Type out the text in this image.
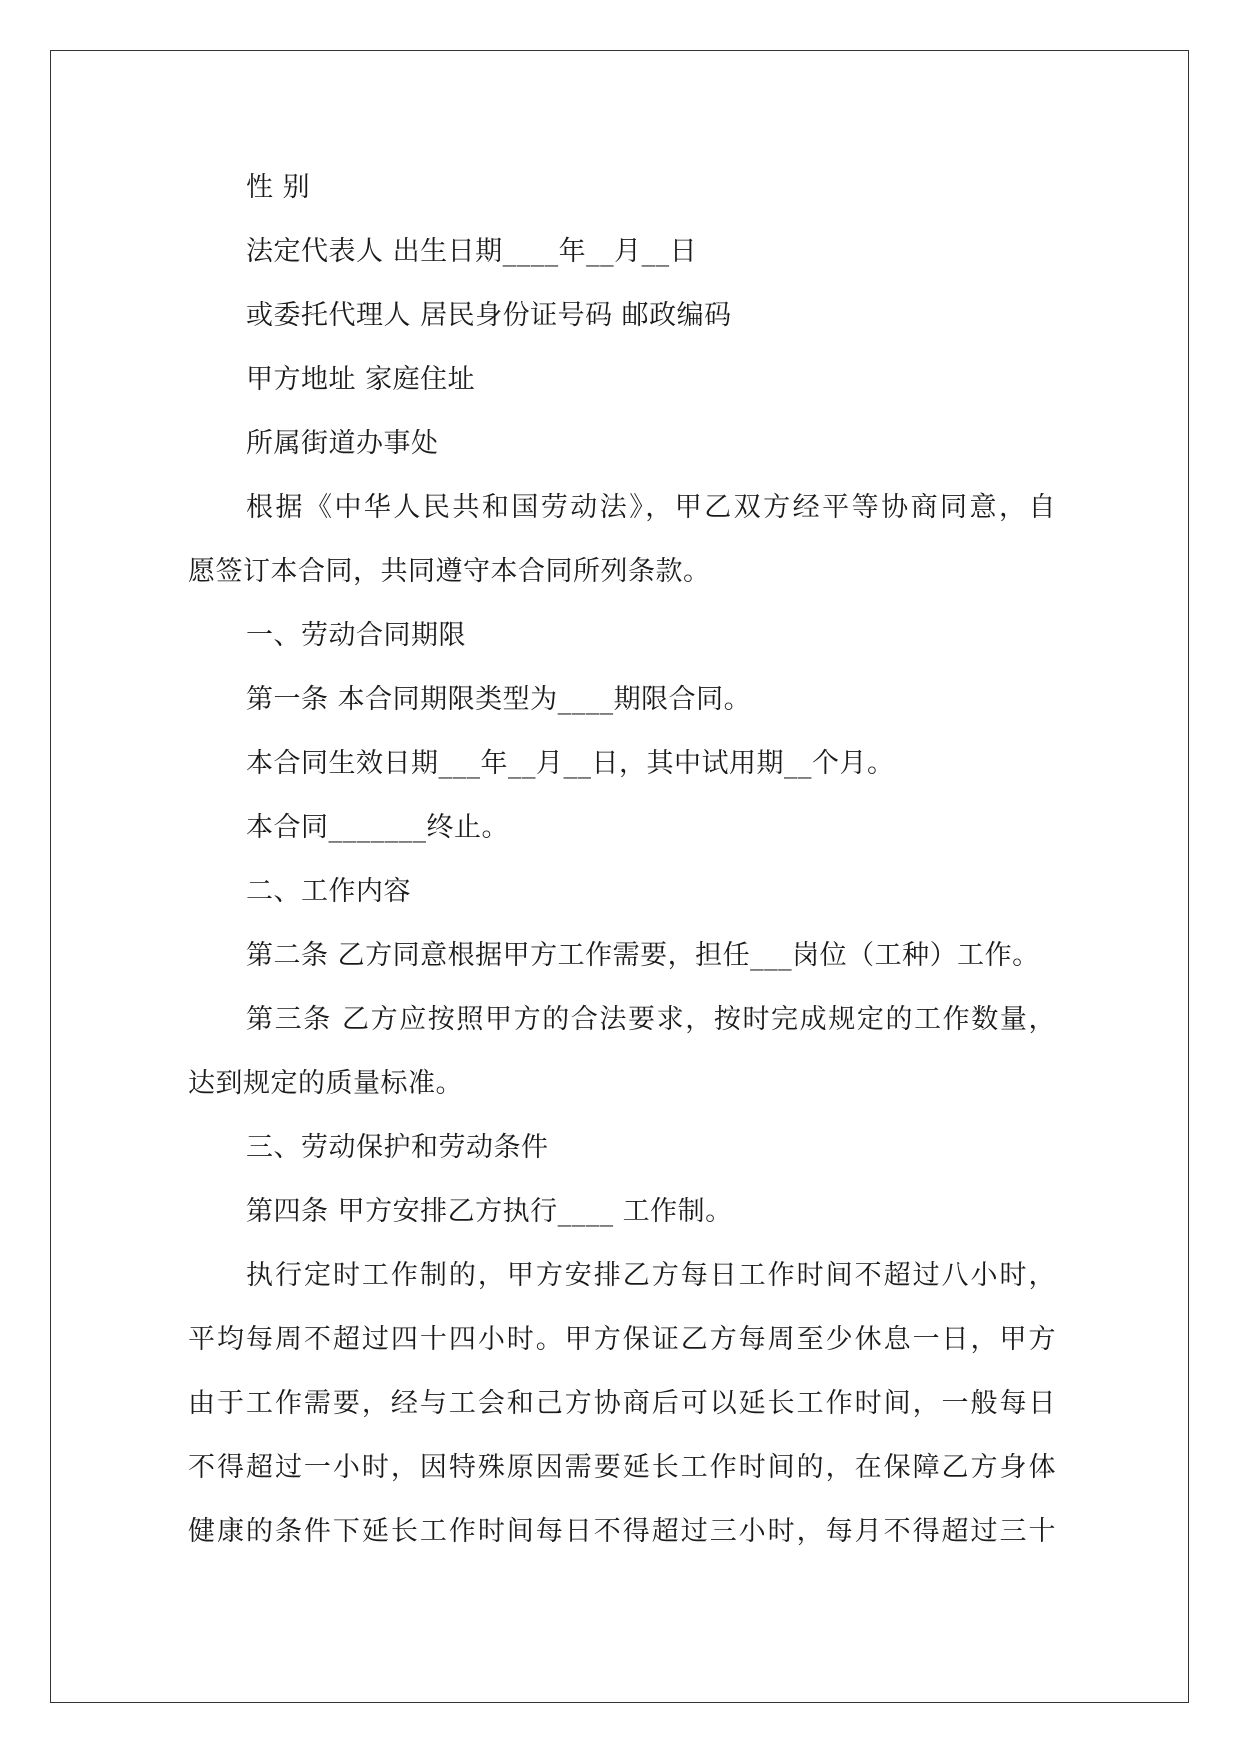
性 别
法定代表人 出生日期____年__月__日
或委托代理人 居民身份证号码 邮政编码
甲方地址 家庭住址
所属街道办事处
根据《中华人民共和国劳动法》，甲乙双方经平等协商同意，自
愿签订本合同，共同遵守本合同所列条款。
一、劳动合同期限
第一条 本合同期限类型为____期限合同。
本合同生效日期___年__月__日，其中试用期__个月。
本合同_______终止。
二、工作内容
第二条 乙方同意根据甲方工作需要，担任___岗位（工种）工作。
第三条 乙方应按照甲方的合法要求，按时完成规定的工作数量，
达到规定的质量标准。
三、劳动保护和劳动条件
第四条 甲方安排乙方执行____ 工作制。
执行定时工作制的，甲方安排乙方每日工作时间不超过八小时，
平均每周不超过四十四小时。甲方保证乙方每周至少休息一日，甲方
由于工作需要，经与工会和己方协商后可以延长工作时间，一般每日
不得超过一小时，因特殊原因需要延长工作时间的，在保障乙方身体
健康的条件下延长工作时间每日不得超过三小时，每月不得超过三十
